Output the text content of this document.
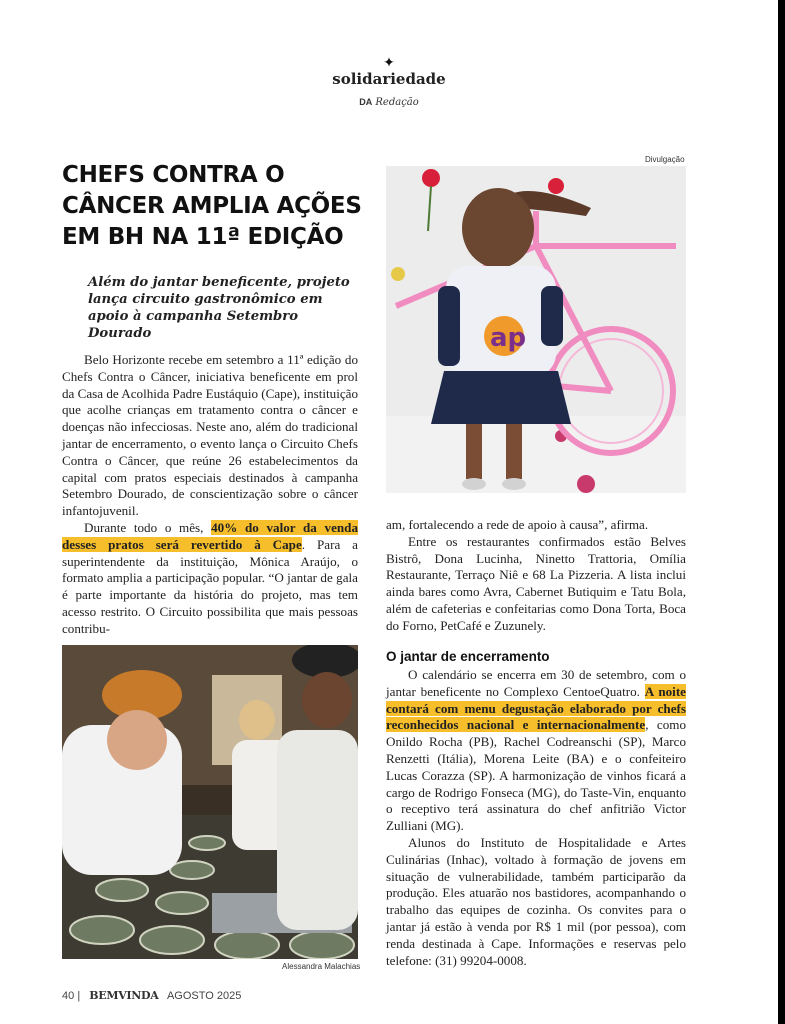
✦
solidariedade
DA Redação
CHEFS CONTRA O CÂNCER AMPLIA AÇÕES EM BH NA 11ª EDIÇÃO
Além do jantar beneficente, projeto lança circuito gastronômico em apoio à campanha Setembro Dourado

Belo Horizonte recebe em setembro a 11ª edição do Chefs Contra o Câncer, iniciativa beneficente em prol da Casa de Acolhida Padre Eustáquio (Cape), instituição que acolhe crianças em tratamento contra o câncer e doenças não infecciosas. Neste ano, além do tradicional jantar de encerramento, o evento lança o Circuito Chefs Contra o Câncer, que reúne 26 estabelecimentos da capital com pratos especiais destinados à campanha Setembro Dourado, de conscientização sobre o câncer infantojuvenil.

Durante todo o mês, 40% do valor da venda desses pratos será revertido à Cape. Para a superintendente da instituição, Mônica Araújo, o formato amplia a participação popular. “O jantar de gala é parte importante da história do projeto, mas tem acesso restrito. O Circuito possibilita que mais pessoas contribu-

Divulgação
ap

am, fortalecendo a rede de apoio à causa”, afirma.

Entre os restaurantes confirmados estão Belves Bistrô, Dona Lucinha, Ninetto Trattoria, Omília Restaurante, Terraço Niê e 68 La Pizzeria. A lista inclui ainda bares como Avra, Cabernet Butiquim e Tatu Bola, além de cafeterias e confeitarias como Dona Torta, Boca do Forno, PetCafé e Zuzunely.

O jantar de encerramento

O calendário se encerra em 30 de setembro, com o jantar beneficente no Complexo CentoeQuatro. A noite contará com menu degustação elaborado por chefs reconhecidos nacional e internacionalmente, como Onildo Rocha (PB), Rachel Codreanschi (SP), Marco Renzetti (Itália), Morena Leite (BA) e o confeiteiro Lucas Corazza (SP). A harmonização de vinhos ficará a cargo de Rodrigo Fonseca (MG), do Taste-Vin, enquanto o receptivo terá assinatura do chef anfitrião Victor Zulliani (MG).

Alunos do Instituto de Hospitalidade e Artes Culinárias (Inhac), voltado à formação de jovens em situação de vulnerabilidade, também participarão da produção. Eles atuarão nos bastidores, acompanhando o trabalho das equipes de cozinha. Os convites para o jantar já estão à venda por R$ 1 mil (por pessoa), com renda destinada à Cape. Informações e reservas pelo telefone: (31) 99204-0008.

Alessandra Malachias
40 | BEMVINDA AGOSTO 2025
